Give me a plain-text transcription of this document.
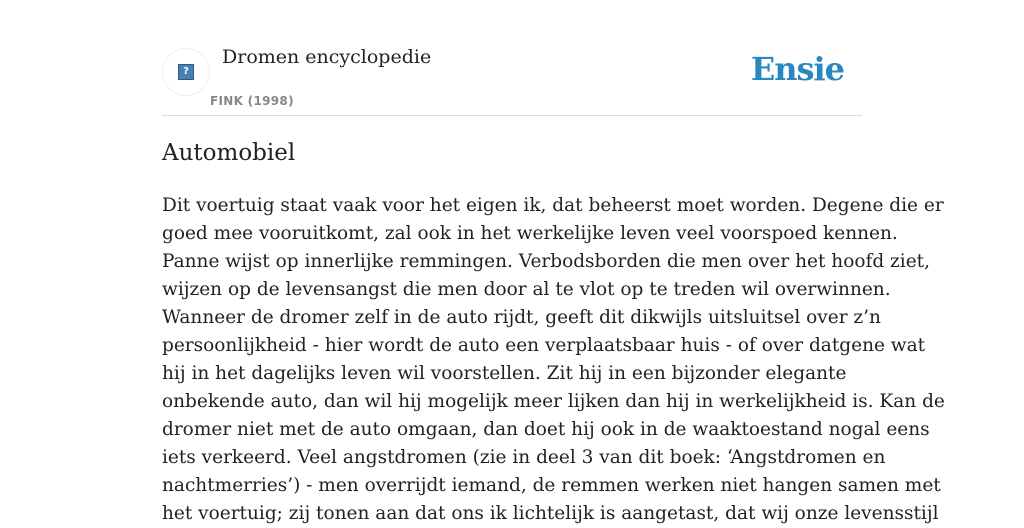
?
Dromen encyclopedie
FINK (1998)
Ensie
Automobiel
Dit voertuig staat vaak voor het eigen ik, dat beheerst moet worden. Degene die er
goed mee vooruitkomt, zal ook in het werkelijke leven veel voorspoed kennen.
Panne wijst op innerlijke remmingen. Verbodsborden die men over het hoofd ziet,
wijzen op de levensangst die men door al te vlot op te treden wil overwinnen.
Wanneer de dromer zelf in de auto rijdt, geeft dit dikwijls uitsluitsel over z’n
persoonlijkheid - hier wordt de auto een verplaatsbaar huis - of over datgene wat
hij in het dagelijks leven wil voorstellen. Zit hij in een bijzonder elegante
onbekende auto, dan wil hij mogelijk meer lijken dan hij in werkelijkheid is. Kan de
dromer niet met de auto omgaan, dan doet hij ook in de waaktoestand nogal eens
iets verkeerd. Veel angstdromen (zie in deel 3 van dit boek: ‘Angstdromen en
nachtmerries’) - men overrijdt iemand, de remmen werken niet hangen samen met
het voertuig; zij tonen aan dat ons ik lichtelijk is aangetast, dat wij onze levensstijl
